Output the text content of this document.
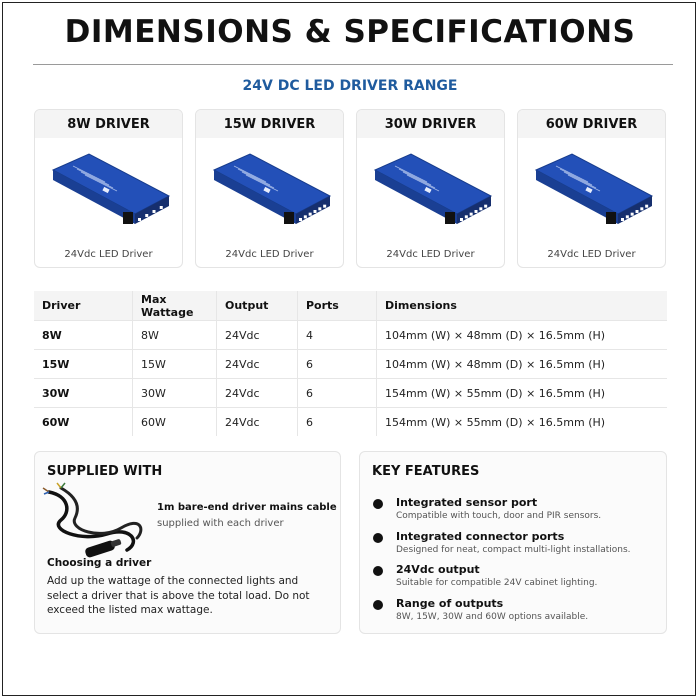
DIMENSIONS & SPECIFICATIONS
24V DC LED DRIVER RANGE
8W DRIVER
24Vdc LED Driver
15W DRIVER
24Vdc LED Driver
30W DRIVER
24Vdc LED Driver
60W DRIVER
24Vdc LED Driver
Driver	Max Wattage	Output	Ports	Dimensions
8W	8W	24Vdc	4	104mm (W) × 48mm (D) × 16.5mm (H)
15W	15W	24Vdc	6	104mm (W) × 48mm (D) × 16.5mm (H)
30W	30W	24Vdc	6	154mm (W) × 55mm (D) × 16.5mm (H)
60W	60W	24Vdc	6	154mm (W) × 55mm (D) × 16.5mm (H)
SUPPLIED WITH
1m bare-end driver mains cable
supplied with each driver
Choosing a driver
Add up the wattage of the connected lights and select a driver that is above the total load. Do not exceed the listed max wattage.
KEY FEATURES
Integrated sensor port
Compatible with touch, door and PIR sensors.
Integrated connector ports
Designed for neat, compact multi-light installations.
24Vdc output
Suitable for compatible 24V cabinet lighting.
Range of outputs
8W, 15W, 30W and 60W options available.
